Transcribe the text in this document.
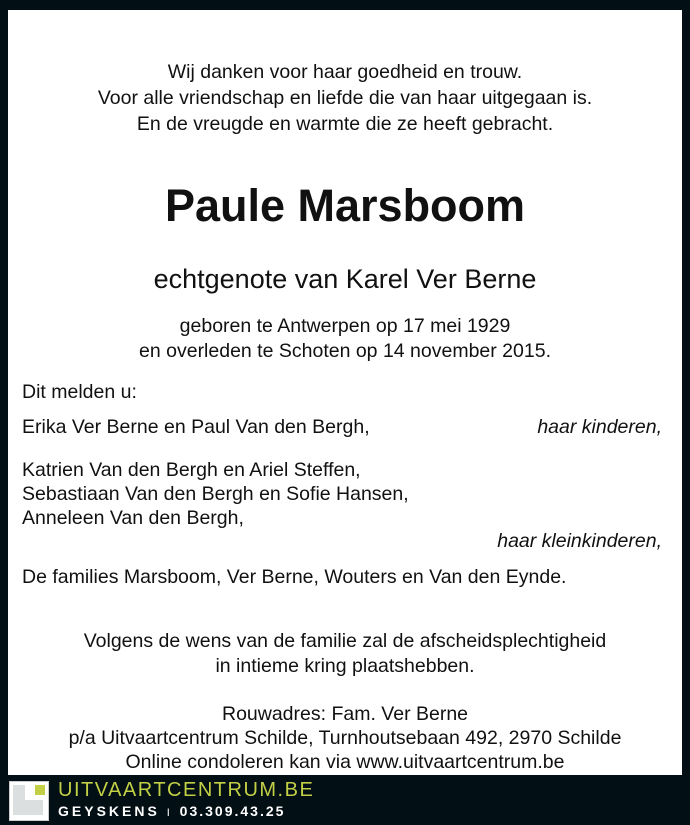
Wij danken voor haar goedheid en trouw.
Voor alle vriendschap en liefde die van haar uitgegaan is.
En de vreugde en warmte die ze heeft gebracht.
Paule Marsboom
echtgenote van Karel Ver Berne
geboren te Antwerpen op 17 mei 1929
en overleden te Schoten op 14 november 2015.
Dit melden u:
Erika Ver Berne en Paul Van den Bergh,	haar kinderen,
Katrien Van den Bergh en Ariel Steffen,
Sebastiaan Van den Bergh en Sofie Hansen,
Anneleen Van den Bergh,
haar kleinkinderen,
De families Marsboom, Ver Berne, Wouters en Van den Eynde.
Volgens de wens van de familie zal de afscheidsplechtigheid
in intieme kring plaatshebben.
Rouwadres: Fam. Ver Berne
p/a Uitvaartcentrum Schilde, Turnhoutsebaan 492, 2970 Schilde
Online condoleren kan via www.uitvaartcentrum.be
UITVAARTCENTRUM.BE
GEYSKENS I 03.309.43.25
